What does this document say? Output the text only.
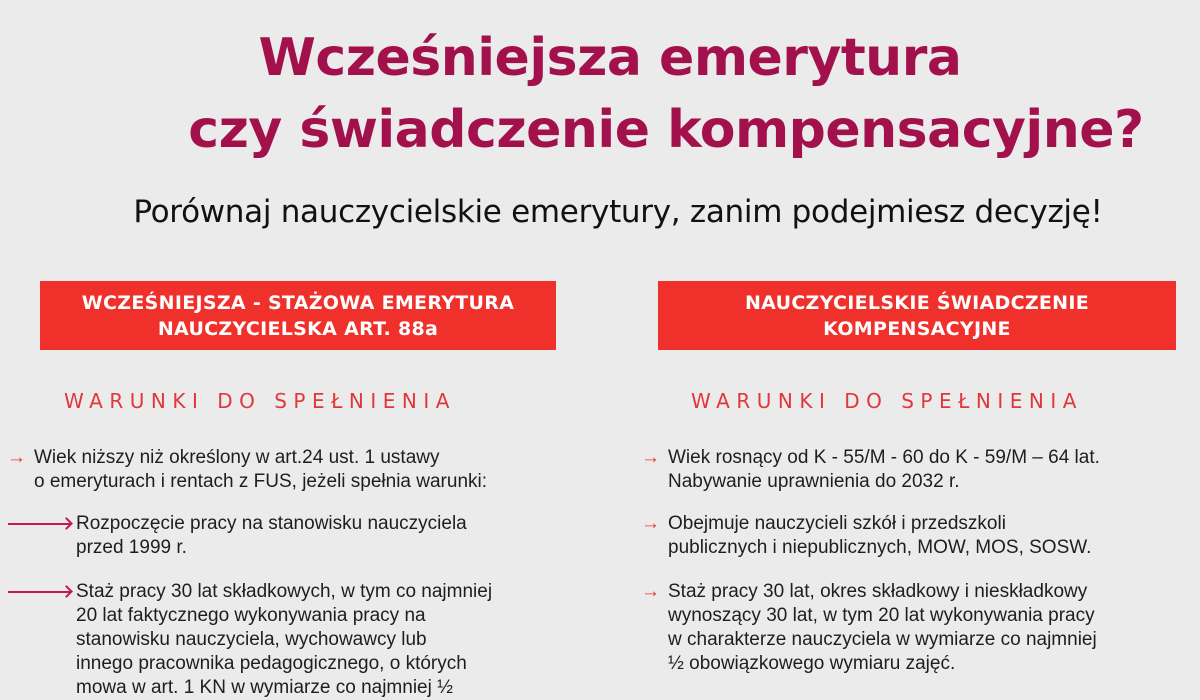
Wcześniejsza emerytura
czy świadczenie kompensacyjne?
Porównaj nauczycielskie emerytury, zanim podejmiesz decyzję!
WCZEŚNIEJSZA - STAŻOWA EMERYTURA
NAUCZYCIELSKA ART. 88a
NAUCZYCIELSKIE ŚWIADCZENIE
KOMPENSACYJNE
WARUNKI DO SPEŁNIENIA	WARUNKI DO SPEŁNIENIA
→ Wiek niższy niż określony w art.24 ust. 1 ustawy
o emeryturach i rentach z FUS, jeżeli spełnia warunki:
Rozpoczęcie pracy na stanowisku nauczyciela
przed 1999 r.
Staż pracy 30 lat składkowych, w tym co najmniej
20 lat faktycznego wykonywania pracy na
stanowisku nauczyciela, wychowawcy lub
innego pracownika pedagogicznego, o których
mowa w art. 1 KN w wymiarze co najmniej ½
→ Wiek rosnący od K - 55/M - 60 do K - 59/M – 64 lat.
Nabywanie uprawnienia do 2032 r.
→ Obejmuje nauczycieli szkół i przedszkoli
publicznych i niepublicznych, MOW, MOS, SOSW.
→ Staż pracy 30 lat, okres składkowy i nieskładkowy
wynoszący 30 lat, w tym 20 lat wykonywania pracy
w charakterze nauczyciela w wymiarze co najmniej
½ obowiązkowego wymiaru zajęć.
